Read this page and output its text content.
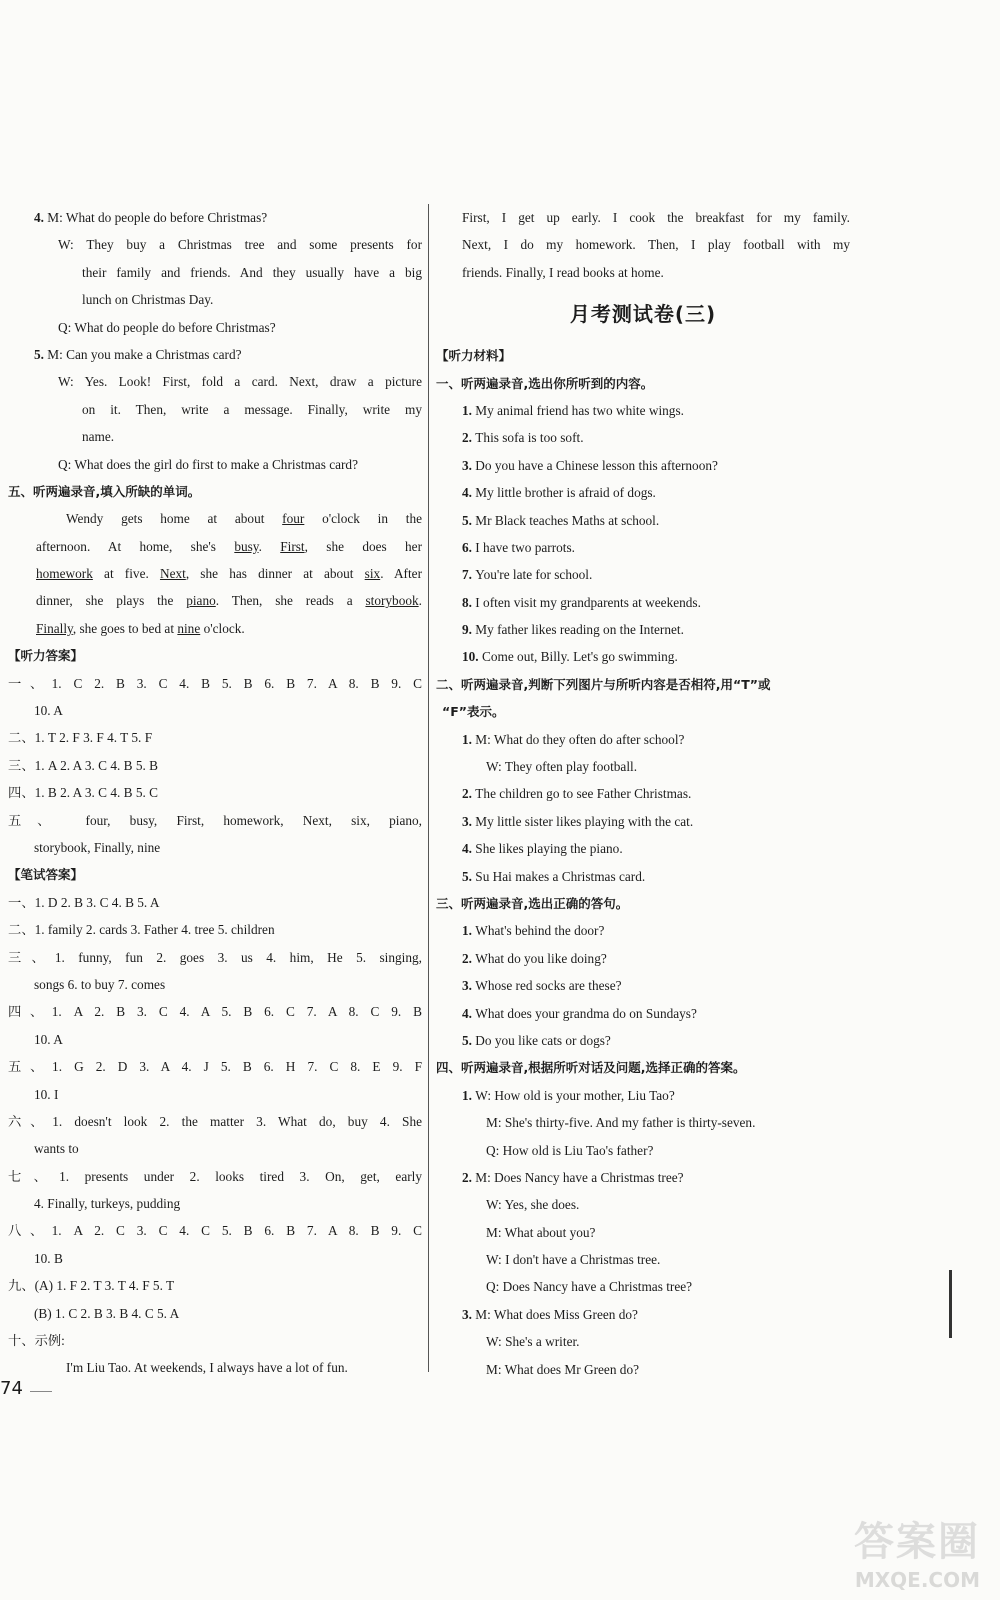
4. M: What do people do before Christmas?
W: They buy a Christmas tree and some presents for
their family and friends. And they usually have a big
lunch on Christmas Day.
Q: What do people do before Christmas?
5. M: Can you make a Christmas card?
W: Yes. Look! First, fold a card. Next, draw a picture
on it. Then, write a message. Finally, write my
name.
Q: What does the girl do first to make a Christmas card?
五、听两遍录音,填入所缺的单词。
Wendy gets home at about four o'clock in the
afternoon. At home, she's busy. First, she does her
homework at five. Next, she has dinner at about six. After
dinner, she plays the piano. Then, she reads a storybook.
Finally, she goes to bed at nine o'clock.
【听力答案】
一、1. C 2. B 3. C 4. B 5. B 6. B 7. A 8. B 9. C
10. A
二、1. T 2. F 3. F 4. T 5. F
三、1. A 2. A 3. C 4. B 5. B
四、1. B 2. A 3. C 4. B 5. C
五、 four, busy, First, homework, Next, six, piano,
storybook, Finally, nine
【笔试答案】
一、1. D 2. B 3. C 4. B 5. A
二、1. family 2. cards 3. Father 4. tree 5. children
三、1. funny, fun 2. goes 3. us 4. him, He 5. singing,
songs 6. to buy 7. comes
四、1. A 2. B 3. C 4. A 5. B 6. C 7. A 8. C 9. B
10. A
五、1. G 2. D 3. A 4. J 5. B 6. H 7. C 8. E 9. F
10. I
六、1. doesn't look 2. the matter 3. What do, buy 4. She
wants to
七、1. presents under 2. looks tired 3. On, get, early
4. Finally, turkeys, pudding
八、1. A 2. C 3. C 4. C 5. B 6. B 7. A 8. B 9. C
10. B
九、(A) 1. F 2. T 3. T 4. F 5. T
(B) 1. C 2. B 3. B 4. C 5. A
十、示例:
I'm Liu Tao. At weekends, I always have a lot of fun.
First, I get up early. I cook the breakfast for my family.
Next, I do my homework. Then, I play football with my
friends. Finally, I read books at home.
月考测试卷(三)
【听力材料】
一、听两遍录音,选出你所听到的内容。
1. My animal friend has two white wings.
2. This sofa is too soft.
3. Do you have a Chinese lesson this afternoon?
4. My little brother is afraid of dogs.
5. Mr Black teaches Maths at school.
6. I have two parrots.
7. You're late for school.
8. I often visit my grandparents at weekends.
9. My father likes reading on the Internet.
10. Come out, Billy. Let's go swimming.
二、听两遍录音,判断下列图片与所听内容是否相符,用“T”或
“F”表示。
1. M: What do they often do after school?
W: They often play football.
2. The children go to see Father Christmas.
3. My little sister likes playing with the cat.
4. She likes playing the piano.
5. Su Hai makes a Christmas card.
三、听两遍录音,选出正确的答句。
1. What's behind the door?
2. What do you like doing?
3. Whose red socks are these?
4. What does your grandma do on Sundays?
5. Do you like cats or dogs?
四、听两遍录音,根据所听对话及问题,选择正确的答案。
1. W: How old is your mother, Liu Tao?
M: She's thirty-five. And my father is thirty-seven.
Q: How old is Liu Tao's father?
2. M: Does Nancy have a Christmas tree?
W: Yes, she does.
M: What about you?
W: I don't have a Christmas tree.
Q: Does Nancy have a Christmas tree?
3. M: What does Miss Green do?
W: She's a writer.
M: What does Mr Green do?
74
答案圈
MXQE.COM
